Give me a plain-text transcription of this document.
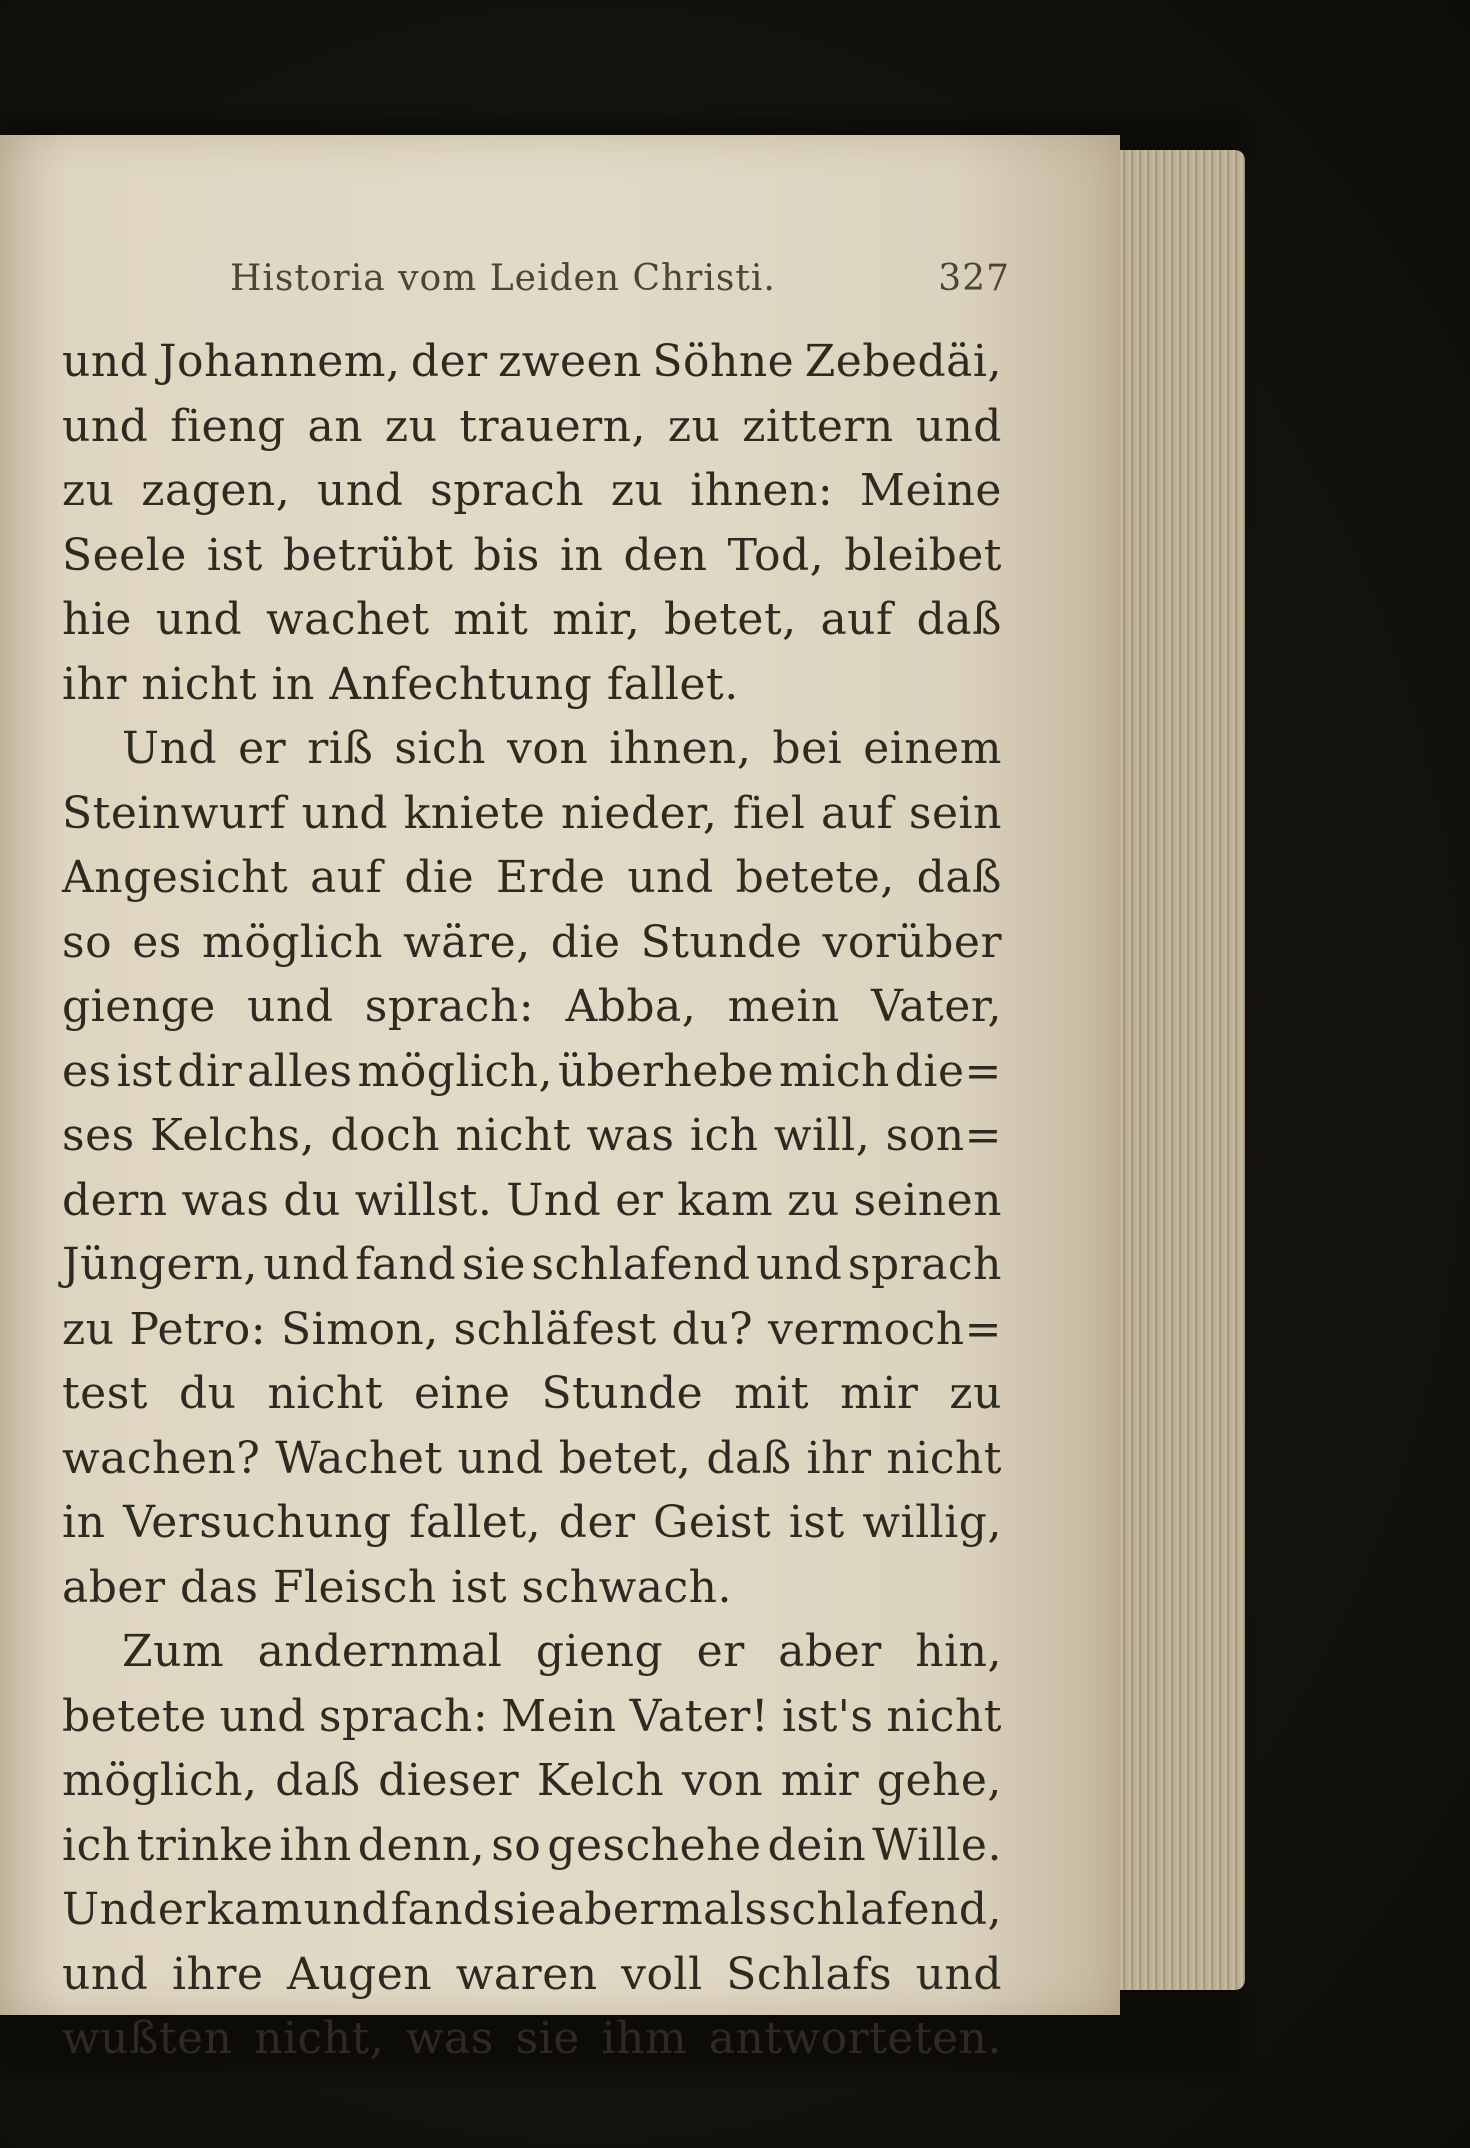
Historia vom Leiden Christi.	327
und Johannem, der zween Söhne Zebedäi,
und fieng an zu trauern, zu zittern und
zu zagen, und sprach zu ihnen: Meine
Seele ist betrübt bis in den Tod, bleibet
hie und wachet mit mir, betet, auf daß
ihr nicht in Anfechtung fallet.
Und er riß sich von ihnen, bei einem
Steinwurf und kniete nieder, fiel auf sein
Angesicht auf die Erde und betete, daß
so es möglich wäre, die Stunde vorüber
gienge und sprach: Abba, mein Vater,
es ist dir alles möglich, überhebe mich die=
ses Kelchs, doch nicht was ich will, son=
dern was du willst. Und er kam zu seinen
Jüngern, und fand sie schlafend und sprach
zu Petro: Simon, schläfest du? vermoch=
test du nicht eine Stunde mit mir zu
wachen? Wachet und betet, daß ihr nicht
in Versuchung fallet, der Geist ist willig,
aber das Fleisch ist schwach.
Zum andernmal gieng er aber hin,
betete und sprach: Mein Vater! ist's nicht
möglich, daß dieser Kelch von mir gehe,
ich trinke ihn denn, so geschehe dein Wille.
Und er kam und fand sie abermals schlafend,
und ihre Augen waren voll Schlafs und
wußten nicht, was sie ihm antworteten.
